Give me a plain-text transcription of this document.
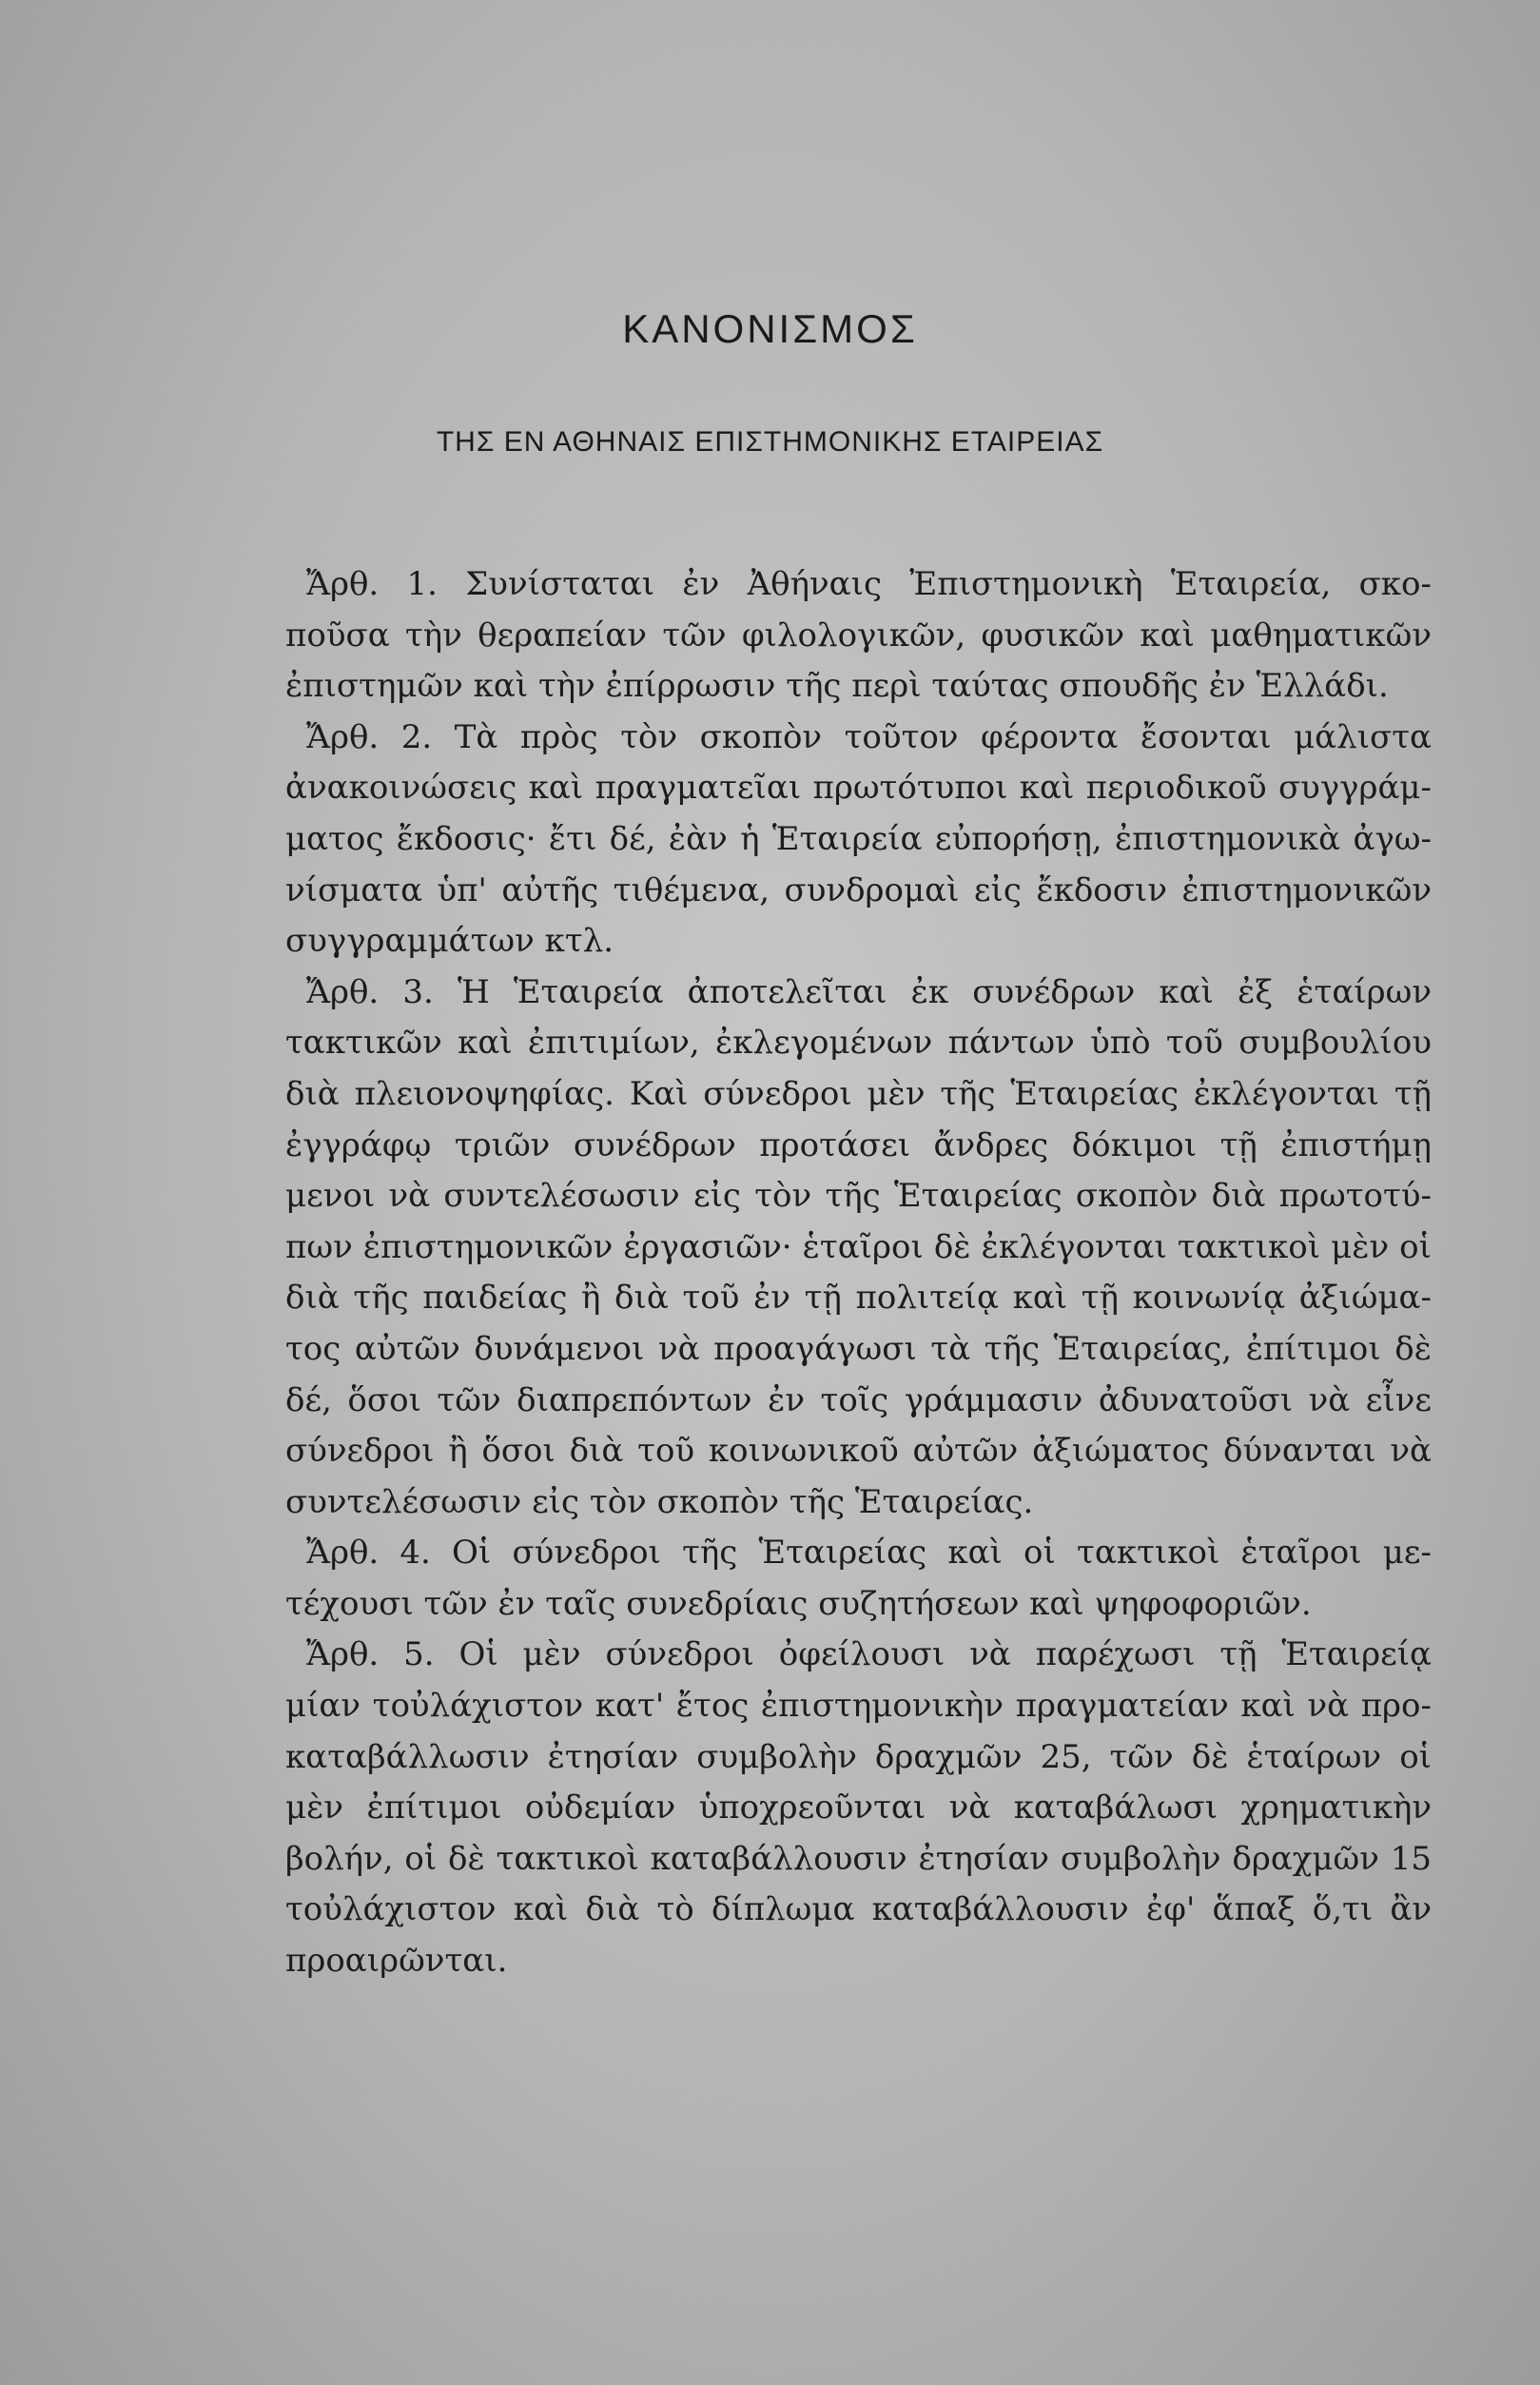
ΚΑΝΟΝΙΣΜΟΣ
ΤΗΣ ΕΝ ΑΘΗΝΑΙΣ ΕΠΙΣΤΗΜΟΝΙΚΗΣ ΕΤΑΙΡΕΙΑΣ
Ἄρθ. 1. Συνίσταται ἐν Ἀθήναις Ἐπιστημονικὴ Ἑταιρεία, σκο-
ποῦσα τὴν θεραπείαν τῶν φιλολογικῶν, φυσικῶν καὶ μαθηματικῶν
ἐπιστημῶν καὶ τὴν ἐπίρρωσιν τῆς περὶ ταύτας σπουδῆς ἐν Ἑλλάδι.
Ἄρθ. 2. Τὰ πρὸς τὸν σκοπὸν τοῦτον φέροντα ἔσονται μάλιστα
ἀνακοινώσεις καὶ πραγματεῖαι πρωτότυποι καὶ περιοδικοῦ συγγράμ-
ματος ἔκδοσις· ἔτι δέ, ἐὰν ἡ Ἑταιρεία εὐπορήσῃ, ἐπιστημονικὰ ἀγω-
νίσματα ὑπ' αὐτῆς τιθέμενα, συνδρομαὶ εἰς ἔκδοσιν ἐπιστημονικῶν
συγγραμμάτων κτλ.
Ἄρθ. 3. Ἡ Ἑταιρεία ἀποτελεῖται ἐκ συνέδρων καὶ ἐξ ἑταίρων
τακτικῶν καὶ ἐπιτιμίων, ἐκλεγομένων πάντων ὑπὸ τοῦ συμβουλίου
διὰ πλειονοψηφίας. Καὶ σύνεδροι μὲν τῆς Ἑταιρείας ἐκλέγονται τῇ
ἐγγράφῳ τριῶν συνέδρων προτάσει ἄνδρες δόκιμοι τῇ ἐπιστήμῃ
μενοι νὰ συντελέσωσιν εἰς τὸν τῆς Ἑταιρείας σκοπὸν διὰ πρωτοτύ-
πων ἐπιστημονικῶν ἐργασιῶν· ἑταῖροι δὲ ἐκλέγονται τακτικοὶ μὲν οἱ
διὰ τῆς παιδείας ἢ διὰ τοῦ ἐν τῇ πολιτείᾳ καὶ τῇ κοινωνίᾳ ἀξιώμα-
τος αὐτῶν δυνάμενοι νὰ προαγάγωσι τὰ τῆς Ἑταιρείας, ἐπίτιμοι δὲ
δέ, ὅσοι τῶν διαπρεπόντων ἐν τοῖς γράμμασιν ἀδυνατοῦσι νὰ εἶνε
σύνεδροι ἢ ὅσοι διὰ τοῦ κοινωνικοῦ αὐτῶν ἀξιώματος δύνανται νὰ
συντελέσωσιν εἰς τὸν σκοπὸν τῆς Ἑταιρείας.
Ἄρθ. 4. Οἱ σύνεδροι τῆς Ἑταιρείας καὶ οἱ τακτικοὶ ἑταῖροι με-
τέχουσι τῶν ἐν ταῖς συνεδρίαις συζητήσεων καὶ ψηφοφοριῶν.
Ἄρθ. 5. Οἱ μὲν σύνεδροι ὀφείλουσι νὰ παρέχωσι τῇ Ἑταιρείᾳ
μίαν τοὐλάχιστον κατ' ἔτος ἐπιστημονικὴν πραγματείαν καὶ νὰ προ-
καταβάλλωσιν ἐτησίαν συμβολὴν δραχμῶν 25, τῶν δὲ ἑταίρων οἱ
μὲν ἐπίτιμοι οὐδεμίαν ὑποχρεοῦνται νὰ καταβάλωσι χρηματικὴν
βολήν, οἱ δὲ τακτικοὶ καταβάλλουσιν ἐτησίαν συμβολὴν δραχμῶν 15
τοὐλάχιστον καὶ διὰ τὸ δίπλωμα καταβάλλουσιν ἐφ' ἅπαξ ὅ,τι ἂν
προαιρῶνται.
